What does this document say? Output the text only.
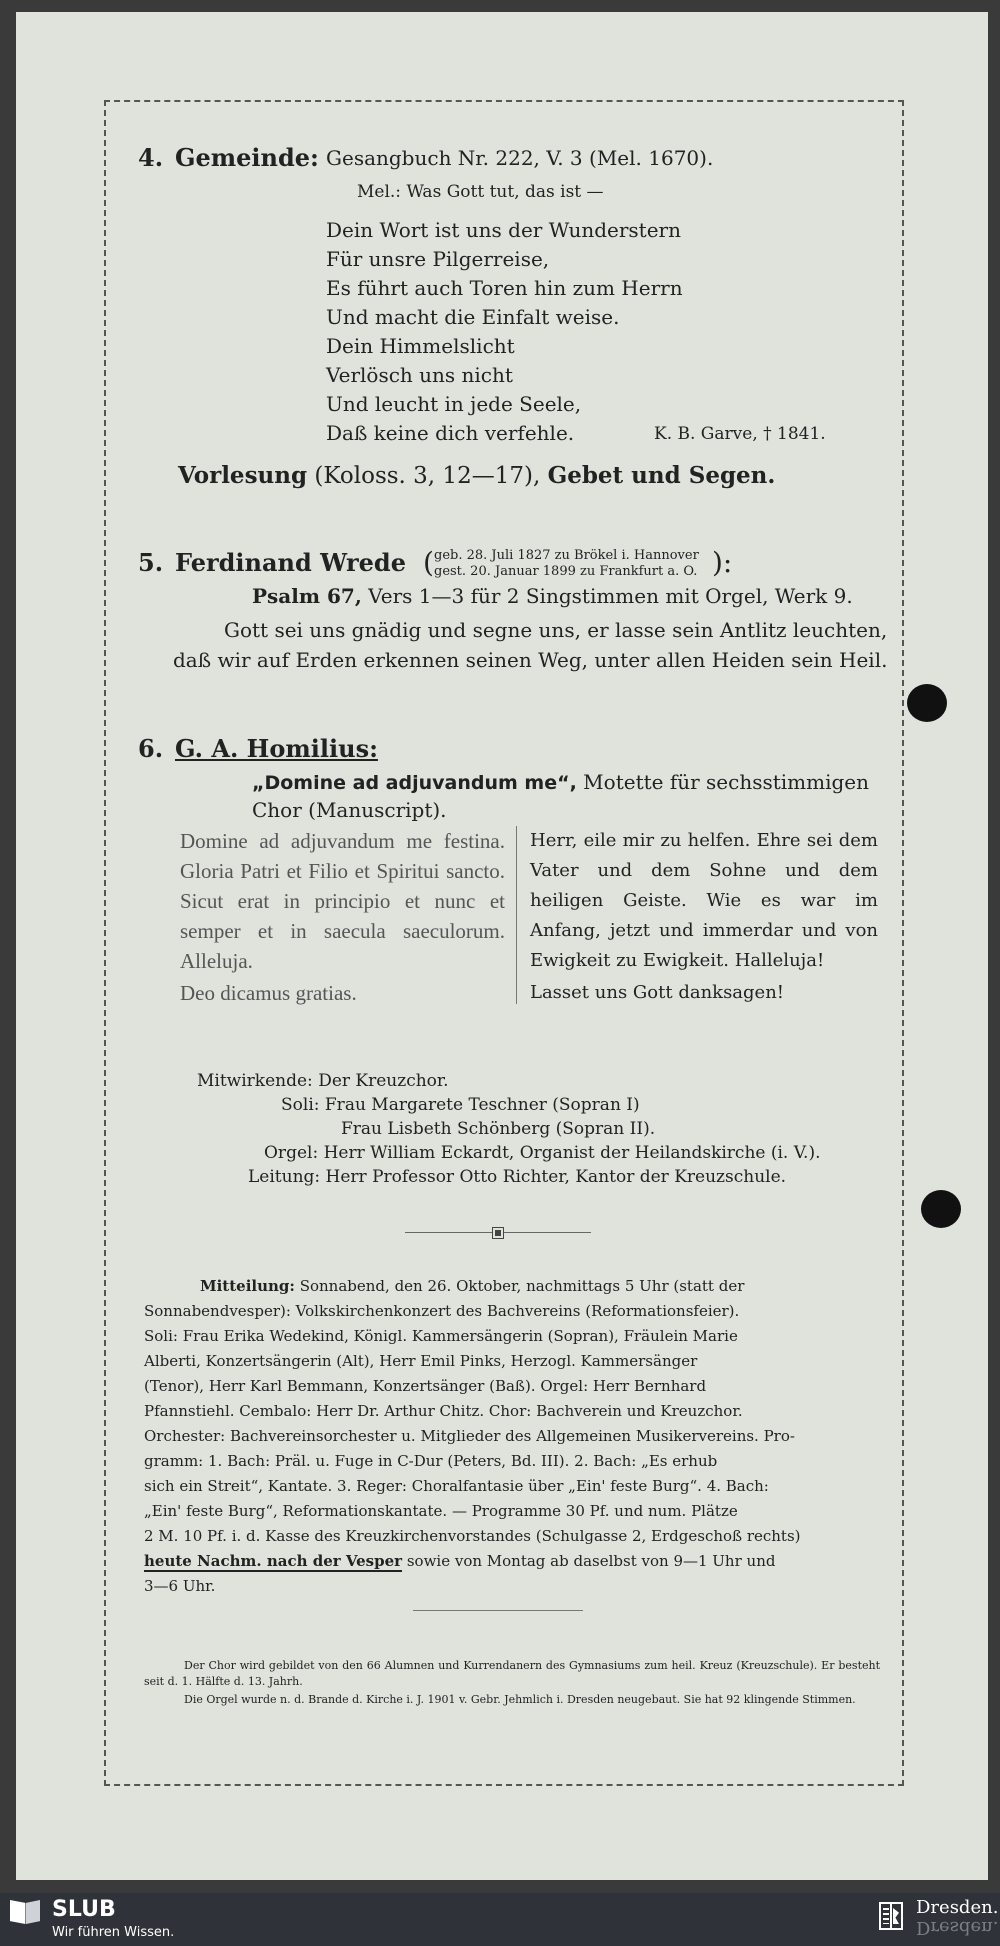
4. Gemeinde: Gesangbuch Nr. 222, V. 3 (Mel. 1670).
Mel.: Was Gott tut, das ist —
Dein Wort ist uns der Wunderstern
Für unsre Pilgerreise,
Es führt auch Toren hin zum Herrn
Und macht die Einfalt weise.
Dein Himmelslicht
Verlösch uns nicht
Und leucht in jede Seele,
Daß keine dich verfehle.	K. B. Garve, † 1841.
Vorlesung (Koloss. 3, 12—17), Gebet und Segen.
5. Ferdinand Wrede ( geb. 28. Juli 1827 zu Brökel i. Hannover
gest. 20. Januar 1899 zu Frankfurt a. O. ):
Psalm 67, Vers 1—3 für 2 Singstimmen mit Orgel, Werk 9.
Gott sei uns gnädig und segne uns, er lasse sein Antlitz leuchten,
daß wir auf Erden erkennen seinen Weg, unter allen Heiden sein Heil.
6. G. A. Homilius:
„Domine ad adjuvandum me“, Motette für sechsstimmigen
Chor (Manuscript).
Domine ad adjuvandum me festina. Gloria Patri et Filio et Spiritui sancto. Sicut erat in principio et nunc et semper et in saecula saeculorum. Alleluja.
Deo dicamus gratias.
Herr, eile mir zu helfen. Ehre sei dem Vater und dem Sohne und dem heiligen Geiste. Wie es war im Anfang, jetzt und immerdar und von Ewigkeit zu Ewigkeit. Halleluja!
Lasset uns Gott danksagen!
Mitwirkende: Der Kreuzchor.
Soli: Frau Margarete Teschner (Sopran I)
Frau Lisbeth Schönberg (Sopran II).
Orgel: Herr William Eckardt, Organist der Heilandskirche (i. V.).
Leitung: Herr Professor Otto Richter, Kantor der Kreuzschule.
Mitteilung: Sonnabend, den 26. Oktober, nachmittags 5 Uhr (statt der
Sonnabendvesper): Volkskirchenkonzert des Bachvereins (Reformationsfeier).
Soli: Frau Erika Wedekind, Königl. Kammersängerin (Sopran), Fräulein Marie
Alberti, Konzertsängerin (Alt), Herr Emil Pinks, Herzogl. Kammersänger
(Tenor), Herr Karl Bemmann, Konzertsänger (Baß). Orgel: Herr Bernhard
Pfannstiehl. Cembalo: Herr Dr. Arthur Chitz. Chor: Bachverein und Kreuzchor.
Orchester: Bachvereinsorchester u. Mitglieder des Allgemeinen Musikervereins. Pro-
gramm: 1. Bach: Präl. u. Fuge in C-Dur (Peters, Bd. III). 2. Bach: „Es erhub
sich ein Streit“, Kantate. 3. Reger: Choralfantasie über „Ein' feste Burg“. 4. Bach:
„Ein' feste Burg“, Reformationskantate. — Programme 30 Pf. und num. Plätze
2 M. 10 Pf. i. d. Kasse des Kreuzkirchenvorstandes (Schulgasse 2, Erdgeschoß rechts)
heute Nachm. nach der Vesper sowie von Montag ab daselbst von 9—1 Uhr und
3—6 Uhr.
Der Chor wird gebildet von den 66 Alumnen und Kurrendanern des Gymnasiums zum heil. Kreuz (Kreuzschule). Er besteht seit d. 1. Hälfte d. 13. Jahrh.
Die Orgel wurde n. d. Brande d. Kirche i. J. 1901 v. Gebr. Jehmlich i. Dresden neugebaut. Sie hat 92 klingende Stimmen.
SLUB
Wir führen Wissen.
Dresden.
Dresden.
